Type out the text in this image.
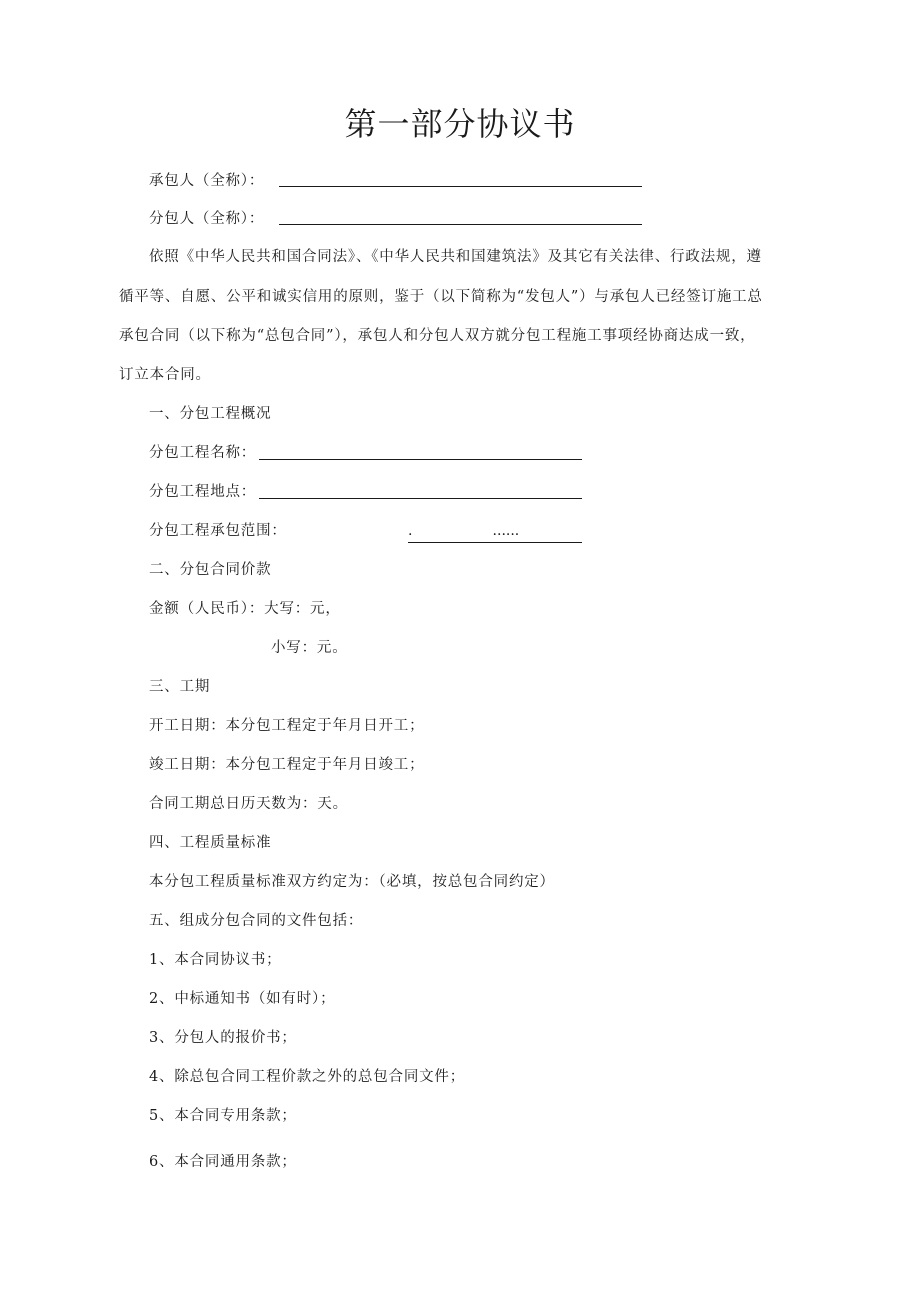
第一部分协议书
承包人（全称）：
分包人（全称）：
依照《中华人民共和国合同法》、《中华人民共和国建筑法》及其它有关法律、行政法规，遵
循平等、自愿、公平和诚实信用的原则，鉴于（以下简称为“发包人”）与承包人已经签订施工总
承包合同（以下称为“总包合同”），承包人和分包人双方就分包工程施工事项经协商达成一致，
订立本合同。
一、分包工程概况
分包工程名称：
分包工程地点：
分包工程承包范围：	.                  ......
二、分包合同价款
金额（人民币）：大写：元，
小写：元。
三、工期
开工日期：本分包工程定于年月日开工；
竣工日期：本分包工程定于年月日竣工；
合同工期总日历天数为：天。
四、工程质量标准
本分包工程质量标准双方约定为：（必填，按总包合同约定）
五、组成分包合同的文件包括：
1、本合同协议书；
2、中标通知书（如有时）；
3、分包人的报价书；
4、除总包合同工程价款之外的总包合同文件；
5、本合同专用条款；
6、本合同通用条款；
